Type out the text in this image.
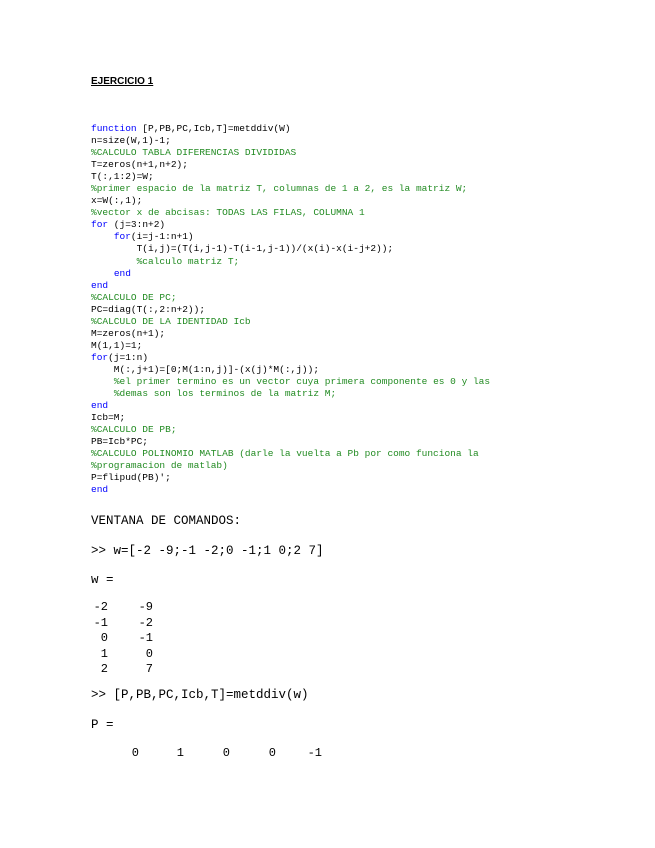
EJERCICIO 1
function [P,PB,PC,Icb,T]=metddiv(W)
n=size(W,1)-1;
%CALCULO TABLA DIFERENCIAS DIVIDIDAS
T=zeros(n+1,n+2);
T(:,1:2)=W;
%primer espacio de la matriz T, columnas de 1 a 2, es la matriz W;
x=W(:,1);
%vector x de abcisas: TODAS LAS FILAS, COLUMNA 1
for (j=3:n+2)
for(i=j-1:n+1)
T(i,j)=(T(i,j-1)-T(i-1,j-1))/(x(i)-x(i-j+2));
%calculo matriz T;
end
end
%CALCULO DE PC;
PC=diag(T(:,2:n+2));
%CALCULO DE LA IDENTIDAD Icb
M=zeros(n+1);
M(1,1)=1;
for(j=1:n)
M(:,j+1)=[0;M(1:n,j)]-(x(j)*M(:,j));
%el primer termino es un vector cuya primera componente es 0 y las
%demas son los terminos de la matriz M;
end
Icb=M;
%CALCULO DE PB;
PB=Icb*PC;
%CALCULO POLINOMIO MATLAB (darle la vuelta a Pb por como funciona la
%programacion de matlab)
P=flipud(PB)';
end
VENTANA DE COMANDOS:
>> w=[-2 -9;-1 -2;0 -1;1 0;2 7]
w =
-2	-9
-1	-2
0	-1
1	0
2	7
>> [P,PB,PC,Icb,T]=metddiv(w)
P =
0	1	0	0	-1
